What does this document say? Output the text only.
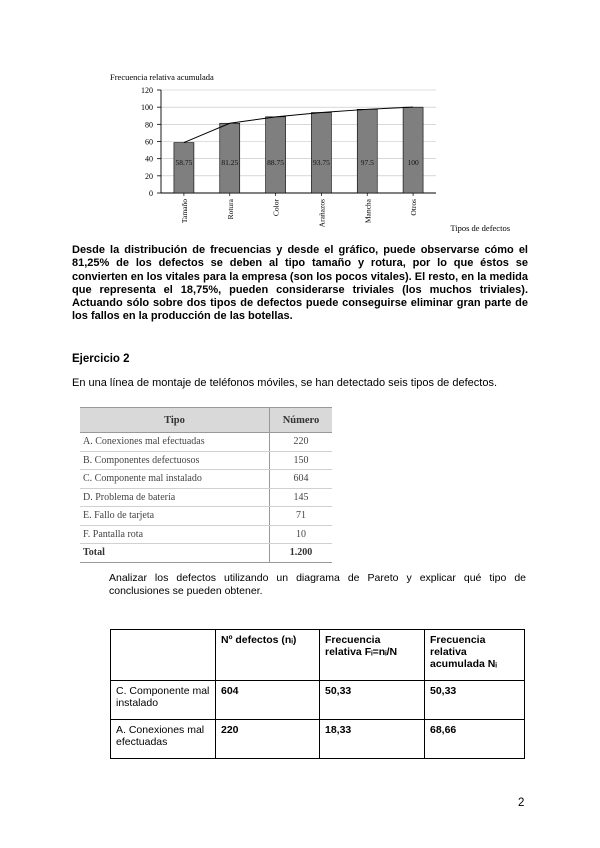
Frecuencia relativa acumulada
0
20
40
60
80
100
120
58.75
Tamaño
81.25
Rotura
88.75
Color
93.75
Arañazos
97.5
Mancha
100
Otros
Tipos de defectos
Desde la distribución de frecuencias y desde el gráfico, puede observarse cómo el 81,25% de los defectos se deben al tipo tamaño y rotura, por lo que éstos se convierten en los vitales para la empresa (son los pocos vitales). El resto, en la medida que representa el 18,75%, pueden considerarse triviales (los muchos triviales). Actuando sólo sobre dos tipos de defectos puede conseguirse eliminar gran parte de los fallos en la producción de las botellas.
Ejercicio 2
En una línea de montaje de teléfonos móviles, se han detectado seis tipos de defectos.
Tipo	Número
A. Conexiones mal efectuadas	220
B. Componentes defectuosos	150
C. Componente mal instalado	604
D. Problema de batería	145
E. Fallo de tarjeta	71
F. Pantalla rota	10
Total	1.200
Analizar los defectos utilizando un diagrama de Pareto y explicar qué tipo de conclusiones se pueden obtener.
	Nº defectos (nᵢ)	Frecuencia relativa Fᵢ=nᵢ/N	Frecuencia relativa acumulada Nᵢ
C. Componente mal instalado	604	50,33	50,33
A. Conexiones mal efectuadas	220	18,33	68,66
2
